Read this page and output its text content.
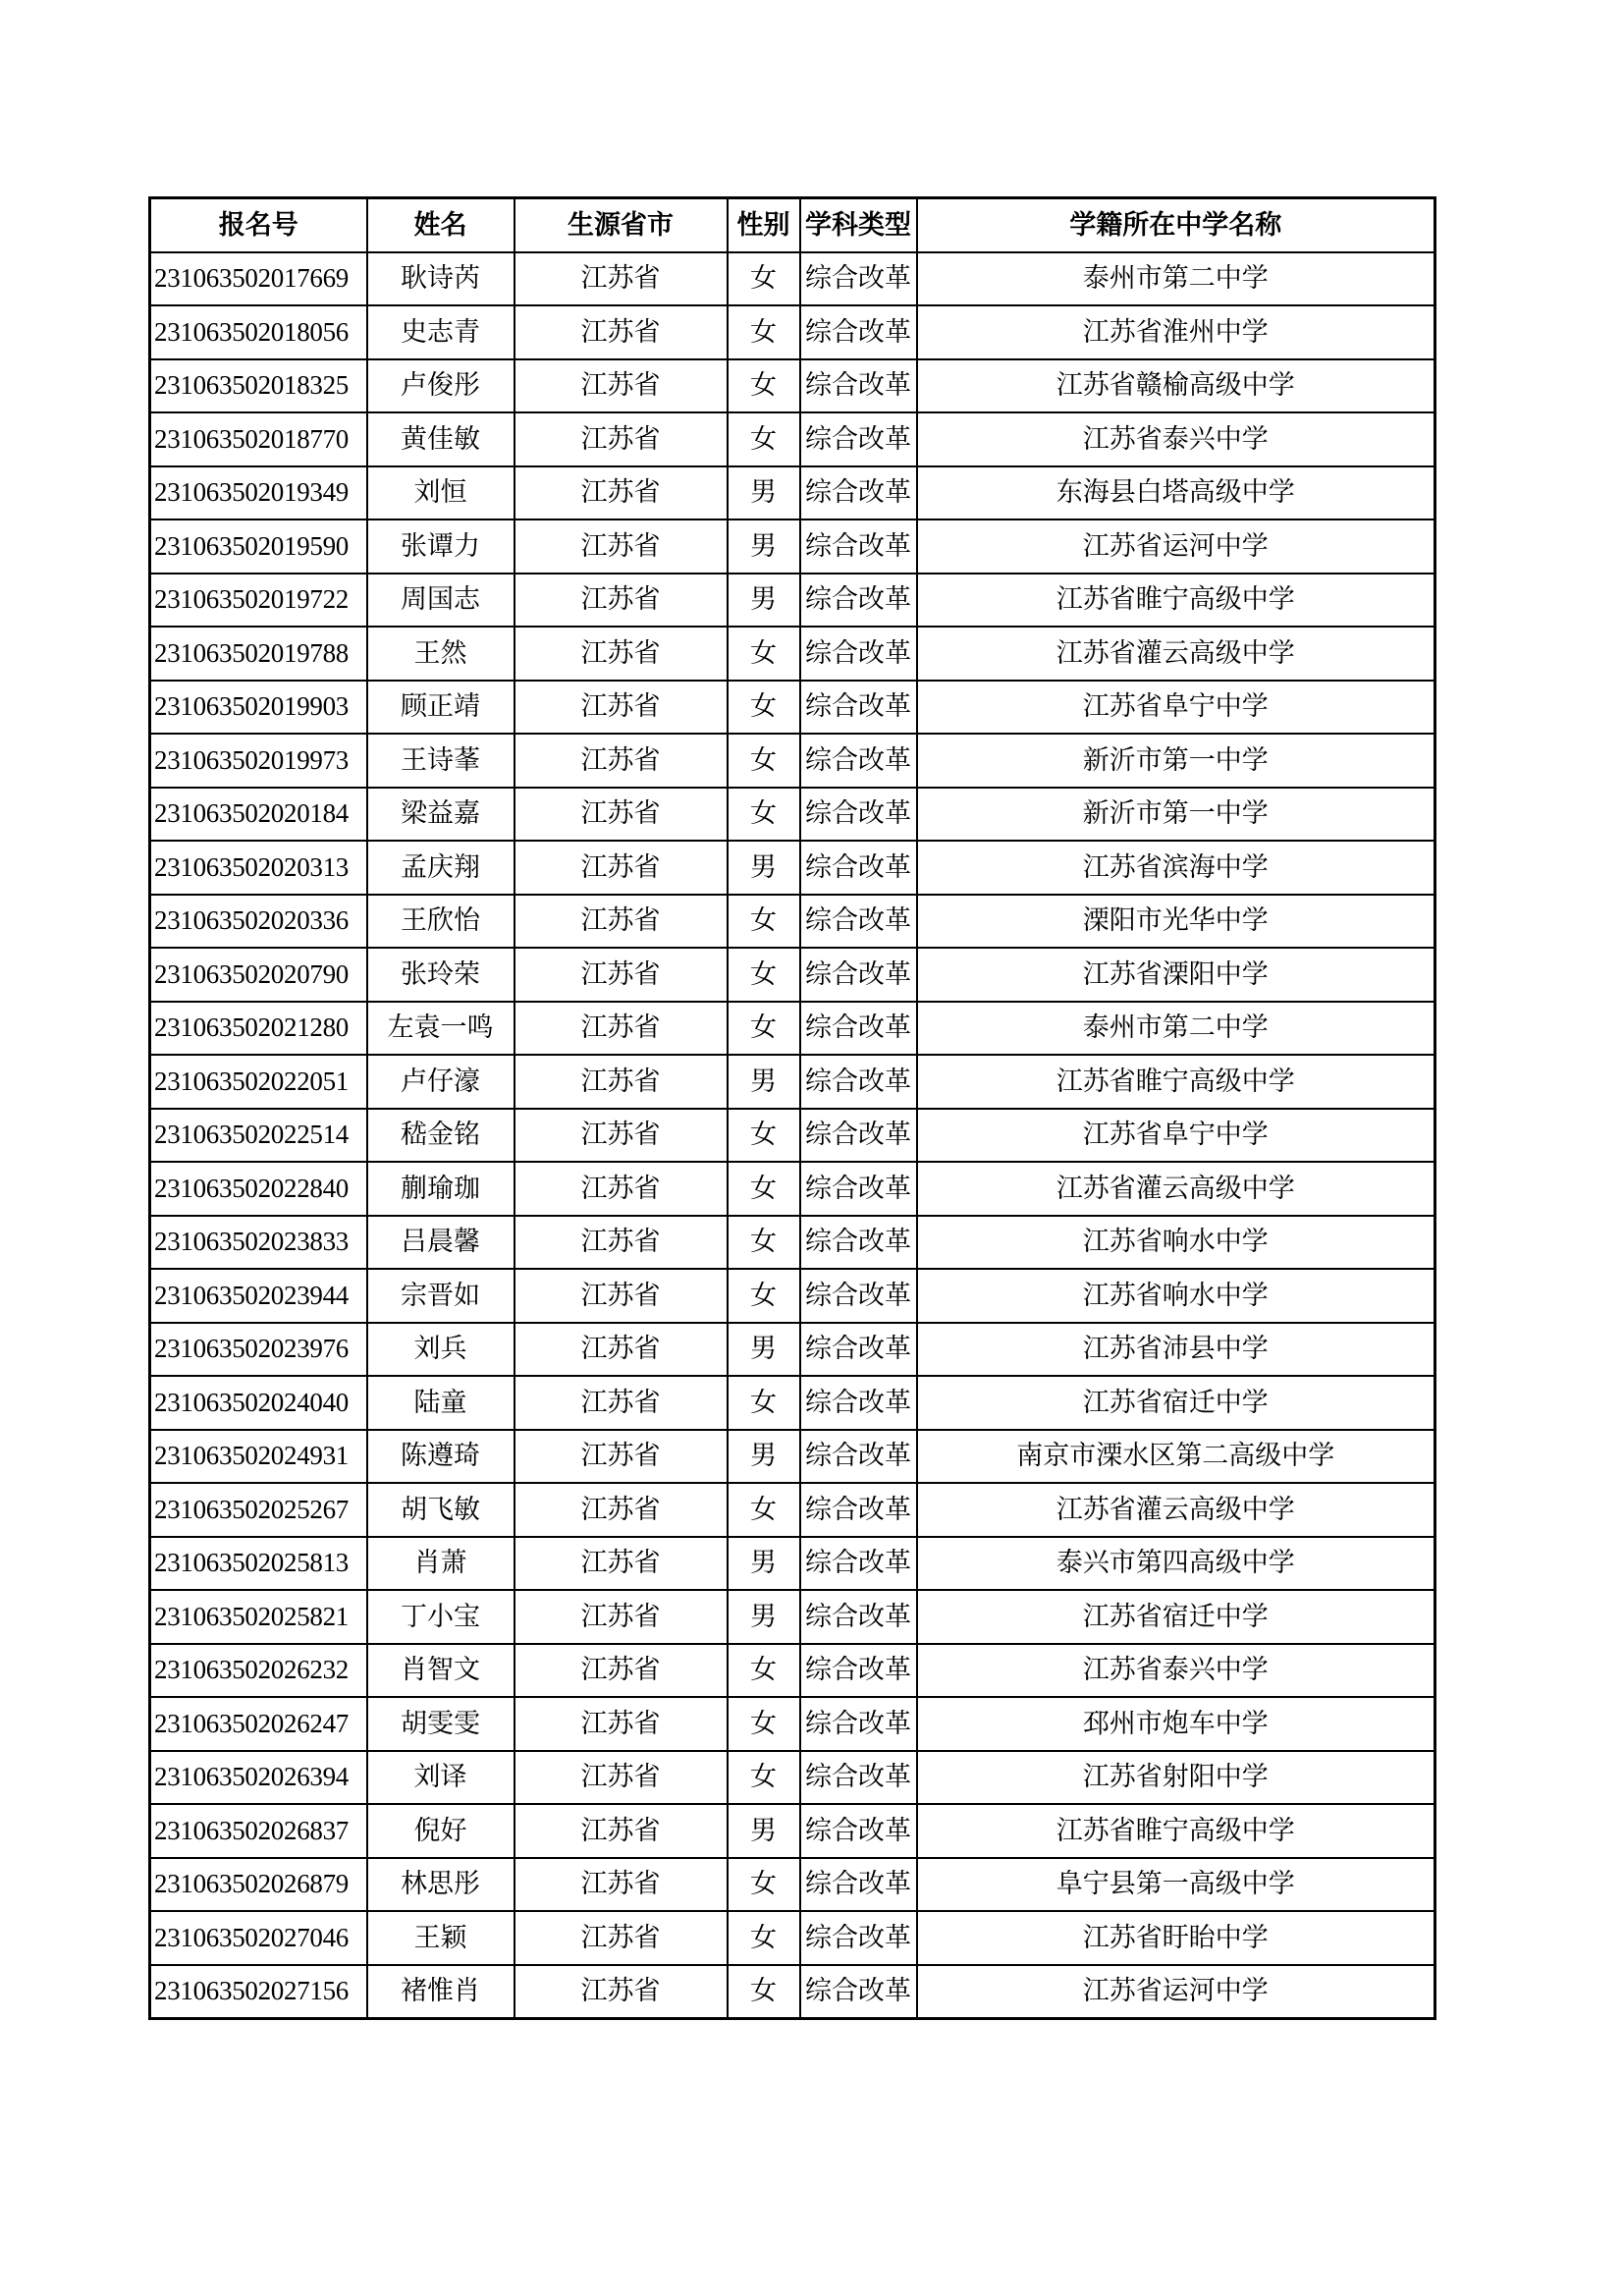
报名号	姓名	生源省市	性别	学科类型	学籍所在中学名称
231063502017669	耿诗芮	江苏省	女	综合改革	泰州市第二中学
231063502018056	史志青	江苏省	女	综合改革	江苏省淮州中学
231063502018325	卢俊彤	江苏省	女	综合改革	江苏省赣榆高级中学
231063502018770	黄佳敏	江苏省	女	综合改革	江苏省泰兴中学
231063502019349	刘恒	江苏省	男	综合改革	东海县白塔高级中学
231063502019590	张谭力	江苏省	男	综合改革	江苏省运河中学
231063502019722	周国志	江苏省	男	综合改革	江苏省睢宁高级中学
231063502019788	王然	江苏省	女	综合改革	江苏省灌云高级中学
231063502019903	顾正靖	江苏省	女	综合改革	江苏省阜宁中学
231063502019973	王诗莑	江苏省	女	综合改革	新沂市第一中学
231063502020184	梁益嘉	江苏省	女	综合改革	新沂市第一中学
231063502020313	孟庆翔	江苏省	男	综合改革	江苏省滨海中学
231063502020336	王欣怡	江苏省	女	综合改革	溧阳市光华中学
231063502020790	张玲荣	江苏省	女	综合改革	江苏省溧阳中学
231063502021280	左袁一鸣	江苏省	女	综合改革	泰州市第二中学
231063502022051	卢仔濠	江苏省	男	综合改革	江苏省睢宁高级中学
231063502022514	嵇金铭	江苏省	女	综合改革	江苏省阜宁中学
231063502022840	蒯瑜珈	江苏省	女	综合改革	江苏省灌云高级中学
231063502023833	吕晨馨	江苏省	女	综合改革	江苏省响水中学
231063502023944	宗晋如	江苏省	女	综合改革	江苏省响水中学
231063502023976	刘兵	江苏省	男	综合改革	江苏省沛县中学
231063502024040	陆童	江苏省	女	综合改革	江苏省宿迁中学
231063502024931	陈遵琦	江苏省	男	综合改革	南京市溧水区第二高级中学
231063502025267	胡飞敏	江苏省	女	综合改革	江苏省灌云高级中学
231063502025813	肖萧	江苏省	男	综合改革	泰兴市第四高级中学
231063502025821	丁小宝	江苏省	男	综合改革	江苏省宿迁中学
231063502026232	肖智文	江苏省	女	综合改革	江苏省泰兴中学
231063502026247	胡雯雯	江苏省	女	综合改革	邳州市炮车中学
231063502026394	刘译	江苏省	女	综合改革	江苏省射阳中学
231063502026837	倪好	江苏省	男	综合改革	江苏省睢宁高级中学
231063502026879	林思彤	江苏省	女	综合改革	阜宁县第一高级中学
231063502027046	王颖	江苏省	女	综合改革	江苏省盱眙中学
231063502027156	褚惟肖	江苏省	女	综合改革	江苏省运河中学
